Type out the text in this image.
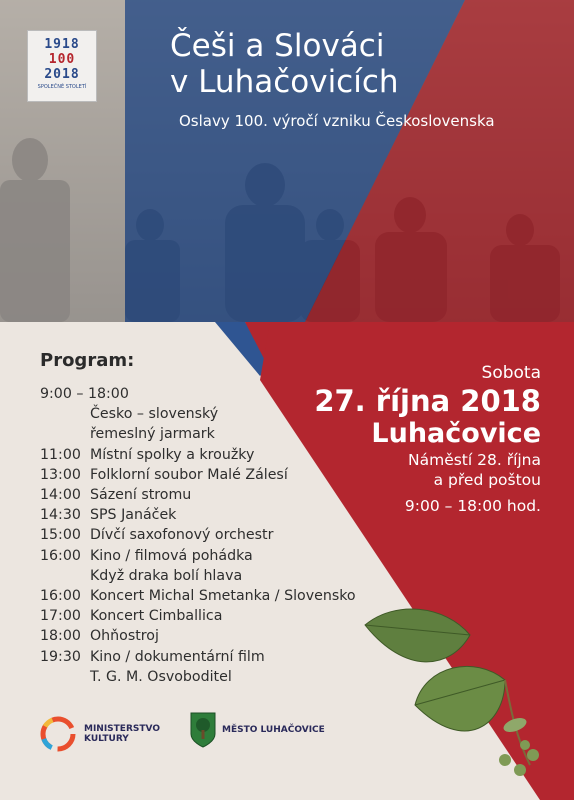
1918
100
2018
SPOLEČNÉ STOLETÍ
Češi a Slováci
v Luhačovicích
Oslavy 100. výročí vzniku Československa
Program:
9:00 – 18:00
Česko – slovenský
řemeslný jarmark
11:00 Místní spolky a kroužky
13:00 Folklorní soubor Malé Zálesí
14:00 Sázení stromu
14:30 SPS Janáček
15:00 Dívčí saxofonový orchestr
16:00 Kino / filmová pohádka
Když draka bolí hlava
16:00 Koncert Michal Smetanka / Slovensko
17:00 Koncert Cimballica
18:00 Ohňostroj
19:30 Kino / dokumentární film
T. G. M. Osvoboditel
Sobota
27. října 2018
Luhačovice
Náměstí 28. října
a před poštou
9:00 – 18:00 hod.
MINISTERSTVO
KULTURY
MĚSTO LUHAČOVICE
